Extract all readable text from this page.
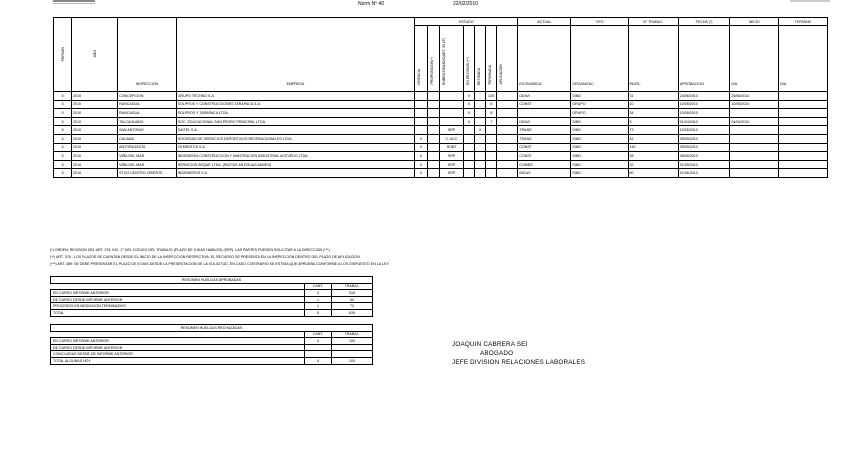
Norm Nº 40	22/02/2010
PERSON	AÑO	INSPECCION	EMPRESA	ESTADO							ACTUAL	TIPO	N° TRABAJ.	FECHA (*)	INICIO	TERMINO
				VIGENCIA	PROPOSICION(*)	RUBRO-PAGADO(ART. 39 LP)	EN REVISION (**)	RETIRADA	TERMINADA	APLICACION	ECONOMICA	ORGANIZAC.	INVOL.	APROBACION	DIA	DIA
5	2010	CONCEPCION	GRUPO TECHNO S.A.				X		225		DEAVI	SIND	31	24/06/2010	25/06/2010	
5	2010	RANCAGUA	SOLPROS Y CONSTRUCCIONES TARAPACA S.A.				X		8		CONST	GRUPO	10	10/05/2010	10/05/2010	
5	2010	RANCAGUA	SOLPROS Y TARAPACA LTDA.				X		8			GRUPO	34	10/05/2010		
5	2010	TALCAHUANO	SOC. EDUCACIONAL SAN PEDRO PRINCIPAL LTDA.				X		7		DEAVI	SIND	9	01/04/2010	04/04/2010	
5	2010	SAN ANTONIO	SAITEL S.A.			SRP		X			TRANS	SIND	73	10/05/2010		
5	2010	CALAMA	SOCIEDAD DE SERVICIOS DEPORTIVOS RECREACIONALES LTDA.	X		C. ACC					TRANS	SIND	32	05/05/2010		
5	2010	ANTOFAGASTA	CEMENTOS S.A.	X		RUBT					CONST	SIND	190	05/05/2010		
5	2010	VIÑA DEL MAR	INGENIERIA CONSTRUCCION Y MANTENCION INDUSTRIAL ACEVEDO LTDA.	X		SRP					CONST	SIND	28	08/05/2010		
5	2010	VIÑA DEL MAR	SERVICIOS ARQUE LTDA. (PASTAS ANTIGUAS ANDES)	X		SRP					COMER	SIND	32	01/05/2010		
5	2010	STGO.CENTRO-ORIENTE	INGENIEROS S.A.	X		SRP					INDUS	SIND	50	01/06/2010		
(*) ORDEN: REVISION DEL ART. 376, INC. 2° DEL CODIGO DEL TRABAJO (PLAZO DE 5 DIAS HABILES) (SRP). LAS PARTES PUEDEN SOLICITAR A LA DIRECCION (***)
(**) ART. 376 - LOS PLAZOS SE CUENTAN DESDE EL INICIO DE LA INSPECCION RESPECTIVA. EL RECURSO SE PRESENTA EN LA INSPECCION DENTRO DEL PLAZO DE APLICACION.
(***) ART. 389: SE DEBE PRESENTAR EL PLAZO DE 5 DIAS DESDE LA PRESENTACION DE LA SOLICITUD, EN CASO CONTRARIO SE ESTIMA QUE APRUEBA CONFORME A LOS DISPUESTO EN LA LEY.
RESUMEN HUELGAS APROBADAS		
	CANT.	TRABAJ.
EN CURSO INFORME ANTERIOR	3	516
DE CURSO DESDE INFORME ANTERIOR	1	50
PROCESOS EN MEDIACION TERMINADOS	1	73
TOTAL	5	639
RESUMEN HUELGAS RECHAZADAS		
	CANT.	TRABAJ.
EN CURSO INFORME ANTERIOR	4	100
DE CURSO DESDE INFORME ANTERIOR		
CONCLUIDAS DESDE DE INFORME ANTERIOR		
TOTAL ALGUNAS HOY	4	100
JOAQUIN CABRERA SEI
ABOGADO
JEFE DIVISION RELACIONES LABORALES
